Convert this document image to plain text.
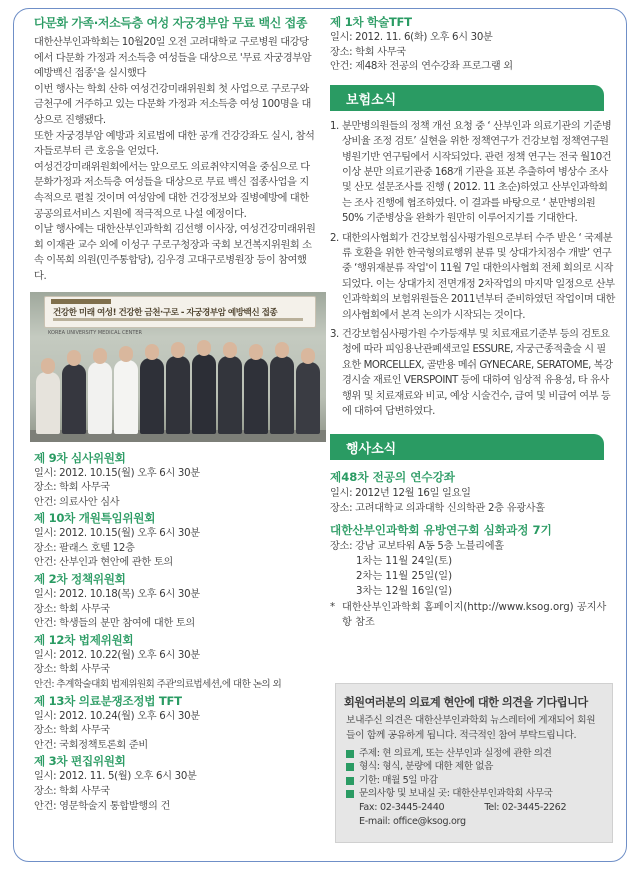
다문화 가족·저소득층 여성 자궁경부암 무료 백신 접종

대한산부인과학회는 10월20일 오전 고려대학교 구로병원 대강당에서 다문화 가정과 저소득층 여성들을 대상으로 '무료 자궁경부암 예방백신 접종'을 실시했다

이번 행사는 학회 산하 여성건강미래위원회 첫 사업으로 구로구와 금천구에 거주하고 있는 다문화 가정과 저소득층 여성 100명을 대상으로 진행됐다.

또한 자궁경부암 예방과 치료법에 대한 공개 건강강좌도 실시, 참석자들로부터 큰 호응을 얻었다.

여성건강미래위원회에서는 앞으로도 의료취약지역을 중심으로 다문화가정과 저소득층 여성들을 대상으로 무료 백신 접종사업을 지속적으로 펼칠 것이며 여성암에 대한 건강정보와 질병예방에 대한 공공의료서비스 지원에 적극적으로 나설 예정이다.

이날 행사에는 대한산부인과학회 김선행 이사장, 여성건강미래위원회 이재관 교수 외에 이성구 구로구청장과 국회 보건복지위원회 소속 이목희 의원(민주통합당), 김우경 고대구로병원장 등이 참여했다.

건강한 미래 여성! 건강한 금천·구로 - 자궁경부암 예방백신 접종
KOREA UNIVERSITY MEDICAL CENTER

제 9차 심사위원회

일시: 2012. 10.15(월) 오후 6시 30분

장소: 학회 사무국

안건: 의료사안 심사

제 10차 개원특임위원회

일시: 2012. 10.15(월) 오후 6시 30분

장소: 팔래스 호텔 12층

안건: 산부인과 현안에 관한 토의

제 2차 정책위원회

일시: 2012. 10.18(목) 오후 6시 30분

장소: 학회 사무국

안건: 학생들의 분만 참여에 대한 토의

제 12차 법제위원회

일시: 2012. 10.22(월) 오후 6시 30분

장소: 학회 사무국

안건: 추계학술대회 법제위원회 주관'의료법세션,에 대한 논의 외

제 13차 의료분쟁조정법 TFT

일시: 2012. 10.24(월) 오후 6시 30분

장소: 학회 사무국

안건: 국회정책토론회 준비

제 3차 편집위원회

일시: 2012. 11. 5(월) 오후 6시 30분

장소: 학회 사무국

안건: 영문학술지 통합발행의 건

제 1차 학술TFT

일시: 2012. 11. 6(화) 오후 6시 30분

장소: 학회 사무국

안건: 제48차 전공의 연수강좌 프로그램 외

보험소식
1. 분만병의원들의 정책 개선 요청 중 ‘ 산부인과 의료기관의 기준병상비율 조정 검토’ 실현을 위한 정책연구가 건강보험 정책연구원 병원기반 연구팀에서 시작되었다. 관련 정책 연구는 전국 월10건 이상 분만 의료기관중 168개 기관을 표본 추출하여 병상수 조사 및 산모 설문조사를 진행 ( 2012. 11 초순)하였고 산부인과학회는 조사 진행에 협조하였다. 이 결과를 바탕으로 ‘ 분만병의원 50% 기준병상을 완화가 원만히 이루어지기를 기대한다.
2. 대한의사협회가 건강보험심사평가원으로부터 수주 받은 ‘ 국제분류 호환을 위한 한국형의료행위 분류 및 상대가치점수 개발’ 연구 중 ‘행위재분류 작업'이 11월 7일 대한의사협회 전체 회의로 시작되었다. 이는 상대가치 전면개정 2차작업의 마지막 일정으로 산부인과학회의 보험위원들은 2011년부터 준비하였던 작업이며 대한의사협회에서 본격 논의가 시작되는 것이다.
3. 건강보험심사평가원 수가등재부 및 치료재료기준부 등의 검토요청에 따라 피임용난관폐색코일 ESSURE, 자궁근종적출술 시 필요한 MORCELLEX, 골반용 메쉬 GYNECARE, SERATOME, 복강경시술 재료인 VERSPOINT 등에 대하여 임상적 유용성, 타 유사 행위 및 치료재료와 비교, 예상 시술건수, 급여 및 비급여 여부 등에 대하여 답변하였다.
행사소식

제48차 전공의 연수강좌

일시: 2012년 12월 16일 일요일

장소: 고려대학교 의과대학 신의학관 2층 유광사홀

대한산부인과학회 유방연구회 심화과정 7기

장소: 강남 교보타워 A동 5층 노블리에홀

1차는 11월 24일(토)

2차는 11월 25일(일)

3차는 12월 16일(일)

* 대한산부인과학회 홈페이지(http://www.ksog.org) 공지사항 참조

회원여러분의 의료계 현안에 대한 의견을 기다립니다

보내주신 의견은 대한산부인과학회 뉴스레터에 게재되어 회원들이 함께 공유하게 됩니다. 적극적인 참여 부탁드립니다.

주제: 현 의료계, 또는 산부인과 실정에 관한 의견
형식: 형식, 분량에 대한 제한 없음
기한: 매월 5일 마감
문의사항 및 보내실 곳: 대한산부인과학회 사무국

Fax: 02-3445-2440	Tel: 02-3445-2262

E-mail: office@ksog.org
